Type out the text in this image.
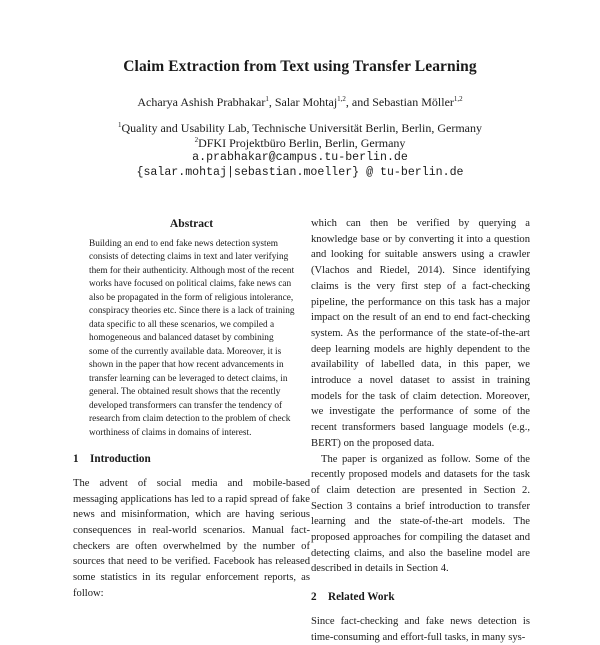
Claim Extraction from Text using Transfer Learning
Acharya Ashish Prabhakar$^1$, Salar Mohtaj$^{1,2}$, and Sebastian Möller$^{1,2}$
$^1$Quality and Usability Lab, Technische Universität Berlin, Berlin, Germany
$^2$DFKI Projektbüro Berlin, Berlin, Germany
a.prabhakar@campus.tu-berlin.de
{salar.mohtaj|sebastian.moeller} @ tu-berlin.de
Abstract

Building an end to end fake news detection system consists of detecting claims in text and later verifying them for their authenticity. Although most of the recent works have focused on political claims, fake news can also be propagated in the form of religious intolerance, conspiracy theories etc. Since there is a lack of training data specific to all these scenarios, we compiled a homogeneous and balanced dataset by combining some of the currently available data. Moreover, it is shown in the paper that how recent advancements in transfer learning can be leveraged to detect claims, in general. The obtained result shows that the recently developed transformers can transfer the tendency of research from claim detection to the problem of check worthiness of claims in domains of interest.

1 Introduction

The advent of social media and mobile-based messaging applications has led to a rapid spread of fake news and misinformation, which are having serious consequences in real-world scenarios. Manual fact-checkers are often overwhelmed by the number of sources that need to be verified. Facebook has released some statistics in its regular enforcement reports, as follow:

which can then be verified by querying a knowledge base or by converting it into a question and looking for suitable answers using a crawler (Vlachos and Riedel, 2014). Since identifying claims is the very first step of a fact-checking pipeline, the performance on this task has a major impact on the result of an end to end fact-checking system. As the performance of the state-of-the-art deep learning models are highly dependent to the availability of labelled data, in this paper, we introduce a novel dataset to assist in training models for the task of claim detection. Moreover, we investigate the performance of some of the recent transformers based language models (e.g., BERT) on the proposed data.

The paper is organized as follow. Some of the recently proposed models and datasets for the task of claim detection are presented in Section 2. Section 3 contains a brief introduction to transfer learning and the state-of-the-art models. The proposed approaches for compiling the dataset and detecting claims, and also the baseline model are described in details in Section 4.

2 Related Work

Since fact-checking and fake news detection is time-consuming and effort-full tasks, in many sys-
